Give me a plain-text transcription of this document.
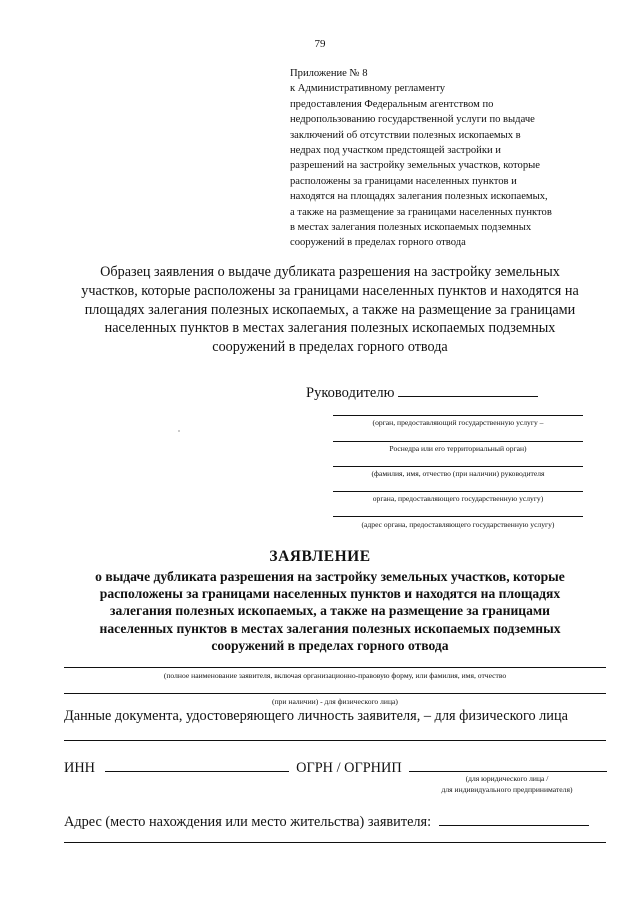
79
Приложение № 8
к Административному регламенту
предоставления Федеральным агентством по
недропользованию государственной услуги по выдаче
заключений об отсутствии полезных ископаемых в
недрах под участком предстоящей застройки и
разрешений на застройку земельных участков, которые
расположены за границами населенных пунктов и
находятся на площадях залегания полезных ископаемых,
а также на размещение за границами населенных пунктов
в местах залегания полезных ископаемых подземных
сооружений в пределах горного отвода
Образец заявления о выдаче дубликата разрешения на застройку земельных
участков, которые расположены за границами населенных пунктов и находятся на
площадях залегания полезных ископаемых, а также на размещение за границами
населенных пунктов в местах залегания полезных ископаемых подземных
сооружений в пределах горного отвода
Руководителю
(орган, предоставляющий государственную услугу –
Роснедра или его территориальный орган)
(фамилия, имя, отчество (при наличии) руководителя
органа, предоставляющего государственную услугу)
(адрес органа, предоставляющего государственную услугу)
ЗАЯВЛЕНИЕ
о выдаче дубликата разрешения на застройку земельных участков, которые
расположены за границами населенных пунктов и находятся на площадях
залегания полезных ископаемых, а также на размещение за границами
населенных пунктов в местах залегания полезных ископаемых подземных
сооружений в пределах горного отвода
(полное наименование заявителя, включая организационно-правовую форму, или фамилия, имя, отчество
(при наличии) - для физического лица)
Данные документа, удостоверяющего личность заявителя, – для физического лица
ИНН	ОГРН / ОГРНИП
(для юридического лица /
для индивидуального предпринимателя)
Адрес (место нахождения или место жительства) заявителя:
